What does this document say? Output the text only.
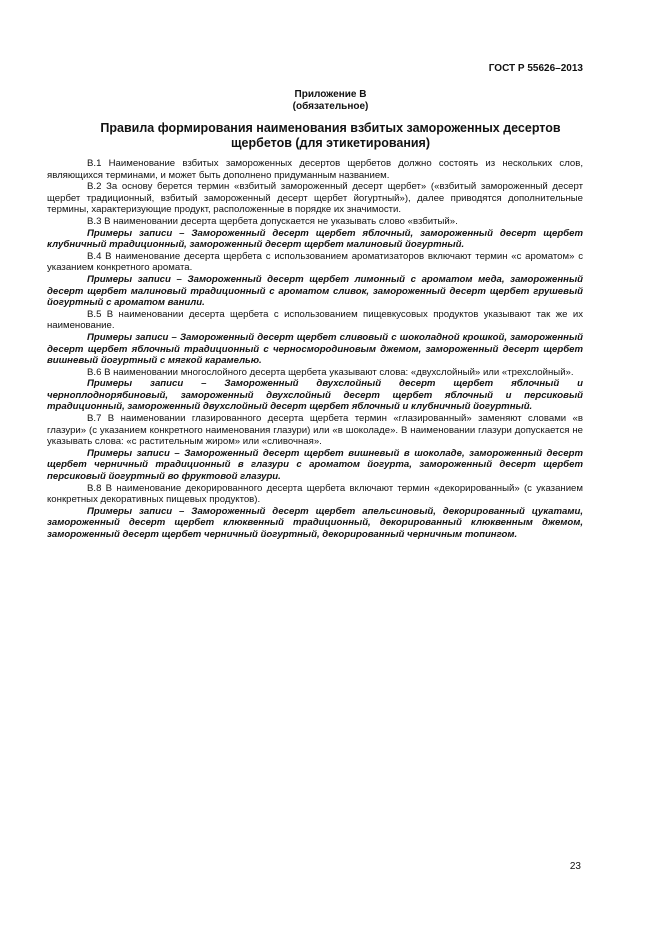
ГОСТ Р 55626–2013
Приложение В
(обязательное)
Правила формирования наименования взбитых замороженных десертов щербетов (для этикетирования)

В.1 Наименование взбитых замороженных десертов щербетов должно состоять из нескольких слов, являющихся терминами, и может быть дополнено придуманным названием.

В.2 За основу берется термин «взбитый замороженный десерт щербет» («взбитый замороженный десерт щербет традиционный, взбитый замороженный десерт щербет йогуртный»), далее приводятся дополнительные термины, характеризующие продукт, расположенные в порядке их значимости.

В.3 В наименовании десерта щербета допускается не указывать слово «взбитый».

Примеры записи – Замороженный десерт щербет яблочный, замороженный десерт щербет клубничный традиционный, замороженный десерт щербет малиновый йогуртный.

В.4 В наименование десерта щербета с использованием ароматизаторов включают термин «с ароматом» с указанием конкретного аромата.

Примеры записи – Замороженный десерт щербет лимонный с ароматом меда, замороженный десерт щербет малиновый традиционный с ароматом сливок, замороженный десерт щербет грушевый йогуртный с ароматом ванили.

В.5 В наименовании десерта щербета с использованием пищевкусовых продуктов указывают так же их наименование.

Примеры записи – Замороженный десерт щербет сливовый с шоколадной крошкой, замороженный десерт щербет яблочный традиционный с черносмородиновым джемом, замороженный десерт щербет вишневый йогуртный с мягкой карамелью.

В.6 В наименовании многослойного десерта щербета указывают слова: «двухслойный» или «трехслойный».

Примеры записи – Замороженный двухслойный десерт щербет яблочный и черноплоднорябиновый, замороженный двухслойный десерт щербет яблочный и персиковый традиционный, замороженный двухслойный десерт щербет яблочный и клубничный йогуртный.

В.7 В наименовании глазированного десерта щербета термин «глазированный» заменяют словами «в глазури» (с указанием конкретного наименования глазури) или «в шоколаде». В наименовании глазури допускается не указывать слова: «с растительным жиром» или «сливочная».

Примеры записи – Замороженный десерт щербет вишневый в шоколаде, замороженный десерт щербет черничный традиционный в глазури с ароматом йогурта, замороженный десерт щербет персиковый йогуртный во фруктовой глазури.

В.8 В наименование декорированного десерта щербета включают термин «декорированный» (с указанием конкретных декоративных пищевых продуктов).

Примеры записи – Замороженный десерт щербет апельсиновый, декорированный цукатами, замороженный десерт щербет клюквенный традиционный, декорированный клюквенным джемом, замороженный десерт щербет черничный йогуртный, декорированный черничным топингом.

23
